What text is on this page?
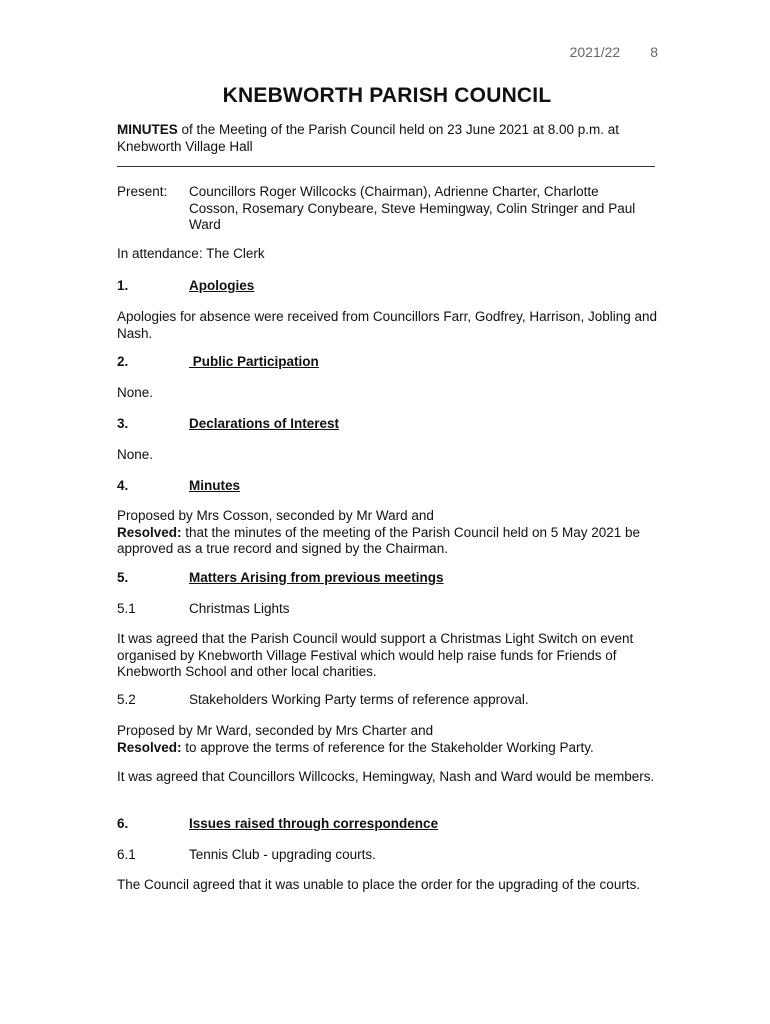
2021/22 8
KNEBWORTH PARISH COUNCIL
MINUTES of the Meeting of the Parish Council held on 23 June 2021 at 8.00 p.m. at Knebworth Village Hall
Present: Councillors Roger Willcocks (Chairman), Adrienne Charter, Charlotte Cosson, Rosemary Conybeare, Steve Hemingway, Colin Stringer and Paul Ward
In attendance: The Clerk
1.	Apologies
Apologies for absence were received from Councillors Farr, Godfrey, Harrison, Jobling and Nash.
2.	Public Participation
None.
3.	Declarations of Interest
None.
4.	Minutes
Proposed by Mrs Cosson, seconded by Mr Ward and
Resolved: that the minutes of the meeting of the Parish Council held on 5 May 2021 be approved as a true record and signed by the Chairman.
5.	Matters Arising from previous meetings
5.1	Christmas Lights
It was agreed that the Parish Council would support a Christmas Light Switch on event organised by Knebworth Village Festival which would help raise funds for Friends of Knebworth School and other local charities.
5.2	Stakeholders Working Party terms of reference approval.
Proposed by Mr Ward, seconded by Mrs Charter and
Resolved: to approve the terms of reference for the Stakeholder Working Party.
It was agreed that Councillors Willcocks, Hemingway, Nash and Ward would be members.
6.	Issues raised through correspondence
6.1	Tennis Club - upgrading courts.
The Council agreed that it was unable to place the order for the upgrading of the courts.
